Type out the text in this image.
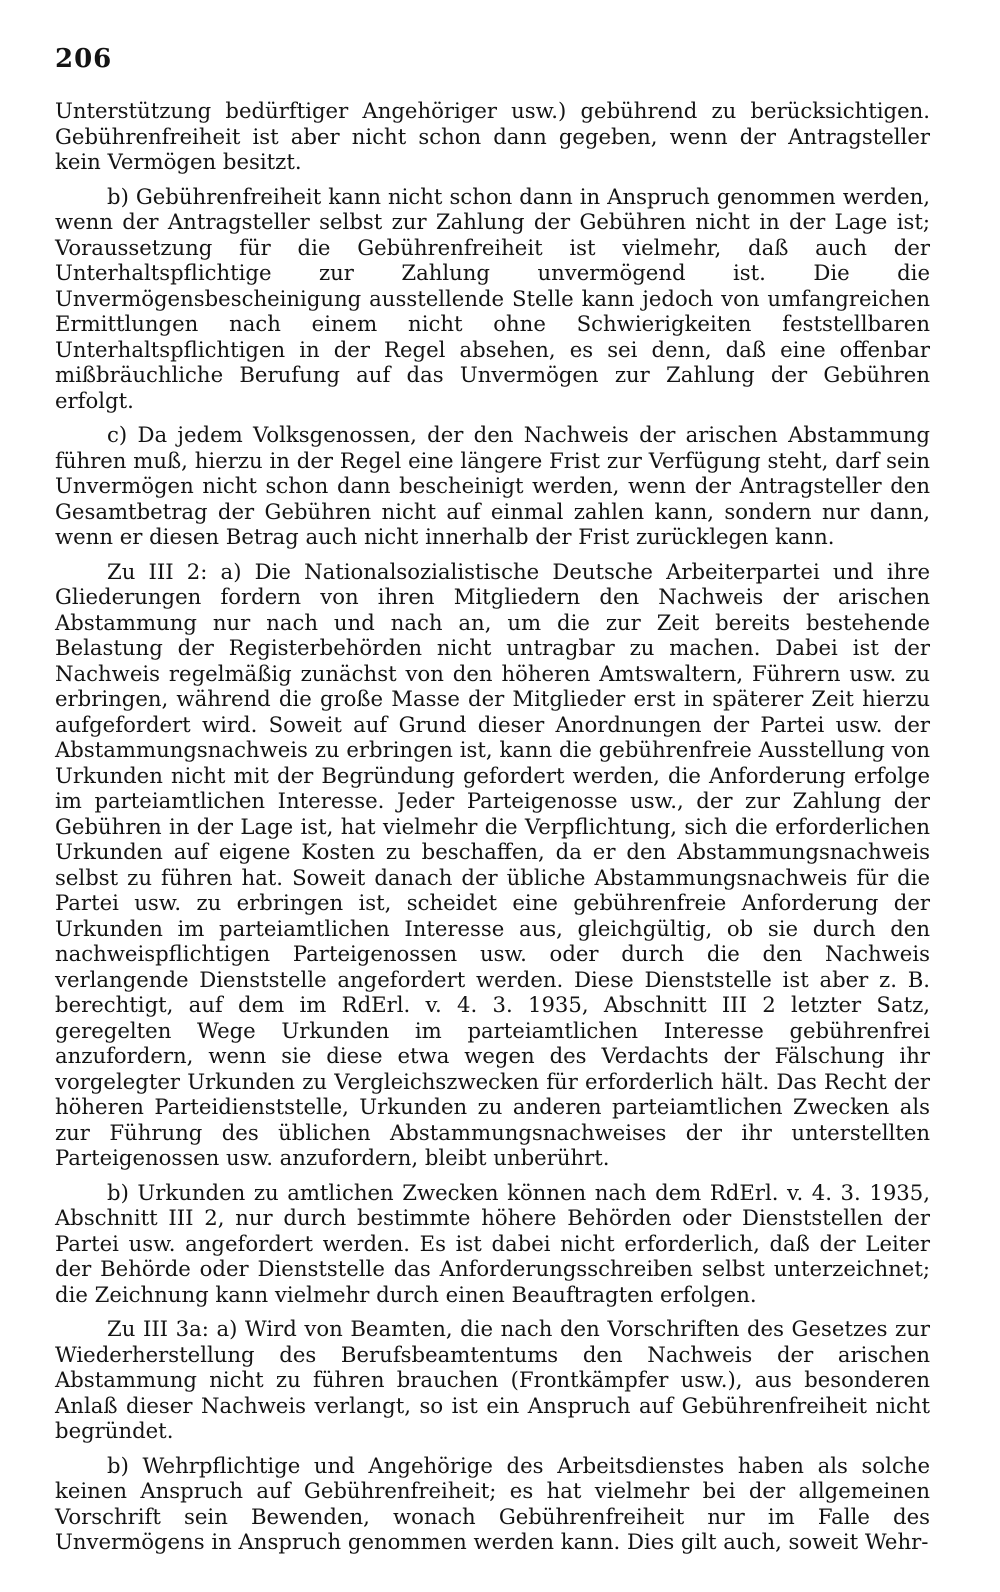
206

Unterstützung bedürftiger Angehöriger usw.) gebührend zu berücksichtigen. Gebührenfreiheit ist aber nicht schon dann gegeben, wenn der Antragsteller kein Vermögen besitzt.

b) Gebührenfreiheit kann nicht schon dann in Anspruch genommen werden, wenn der Antragsteller selbst zur Zahlung der Gebühren nicht in der Lage ist; Voraussetzung für die Gebührenfreiheit ist vielmehr, daß auch der Unterhaltspflichtige zur Zahlung unvermögend ist. Die die Unvermögensbescheinigung ausstellende Stelle kann jedoch von umfangreichen Ermittlungen nach einem nicht ohne Schwierigkeiten feststellbaren Unterhaltspflichtigen in der Regel absehen, es sei denn, daß eine offenbar mißbräuchliche Berufung auf das Unvermögen zur Zahlung der Gebühren erfolgt.

c) Da jedem Volksgenossen, der den Nachweis der arischen Abstammung führen muß, hierzu in der Regel eine längere Frist zur Verfügung steht, darf sein Unvermögen nicht schon dann bescheinigt werden, wenn der Antragsteller den Gesamtbetrag der Gebühren nicht auf einmal zahlen kann, sondern nur dann, wenn er diesen Betrag auch nicht innerhalb der Frist zurücklegen kann.

Zu III 2: a) Die Nationalsozialistische Deutsche Arbeiterpartei und ihre Gliederungen fordern von ihren Mitgliedern den Nachweis der arischen Abstammung nur nach und nach an, um die zur Zeit bereits bestehende Belastung der Registerbehörden nicht untragbar zu machen. Dabei ist der Nachweis regelmäßig zunächst von den höheren Amtswaltern, Führern usw. zu erbringen, während die große Masse der Mitglieder erst in späterer Zeit hierzu aufgefordert wird. Soweit auf Grund dieser Anordnungen der Partei usw. der Abstammungsnachweis zu erbringen ist, kann die gebührenfreie Ausstellung von Urkunden nicht mit der Begründung gefordert werden, die Anforderung erfolge im parteiamtlichen Interesse. Jeder Parteigenosse usw., der zur Zahlung der Gebühren in der Lage ist, hat vielmehr die Verpflichtung, sich die erforderlichen Urkunden auf eigene Kosten zu beschaffen, da er den Abstammungsnachweis selbst zu führen hat. Soweit danach der übliche Abstammungsnachweis für die Partei usw. zu erbringen ist, scheidet eine gebührenfreie Anforderung der Urkunden im parteiamtlichen Interesse aus, gleichgültig, ob sie durch den nachweispflichtigen Parteigenossen usw. oder durch die den Nachweis verlangende Dienststelle angefordert werden. Diese Dienststelle ist aber z. B. berechtigt, auf dem im RdErl. v. 4. 3. 1935, Abschnitt III 2 letzter Satz, geregelten Wege Urkunden im parteiamtlichen Interesse gebührenfrei anzufordern, wenn sie diese etwa wegen des Verdachts der Fälschung ihr vorgelegter Urkunden zu Vergleichszwecken für erforderlich hält. Das Recht der höheren Parteidienststelle, Urkunden zu anderen parteiamtlichen Zwecken als zur Führung des üblichen Abstammungsnachweises der ihr unterstellten Parteigenossen usw. anzufordern, bleibt unberührt.

b) Urkunden zu amtlichen Zwecken können nach dem RdErl. v. 4. 3. 1935, Abschnitt III 2, nur durch bestimmte höhere Behörden oder Dienststellen der Partei usw. angefordert werden. Es ist dabei nicht erforderlich, daß der Leiter der Behörde oder Dienststelle das Anforderungsschreiben selbst unterzeichnet; die Zeichnung kann vielmehr durch einen Beauftragten erfolgen.

Zu III 3a: a) Wird von Beamten, die nach den Vorschriften des Gesetzes zur Wiederherstellung des Berufsbeamtentums den Nachweis der arischen Abstammung nicht zu führen brauchen (Frontkämpfer usw.), aus besonderen Anlaß dieser Nachweis verlangt, so ist ein Anspruch auf Gebührenfreiheit nicht begründet.

b) Wehrpflichtige und Angehörige des Arbeitsdienstes haben als solche keinen Anspruch auf Gebührenfreiheit; es hat vielmehr bei der allgemeinen Vorschrift sein Bewenden, wonach Gebührenfreiheit nur im Falle des Unvermögens in Anspruch genommen werden kann. Dies gilt auch, soweit Wehr-
